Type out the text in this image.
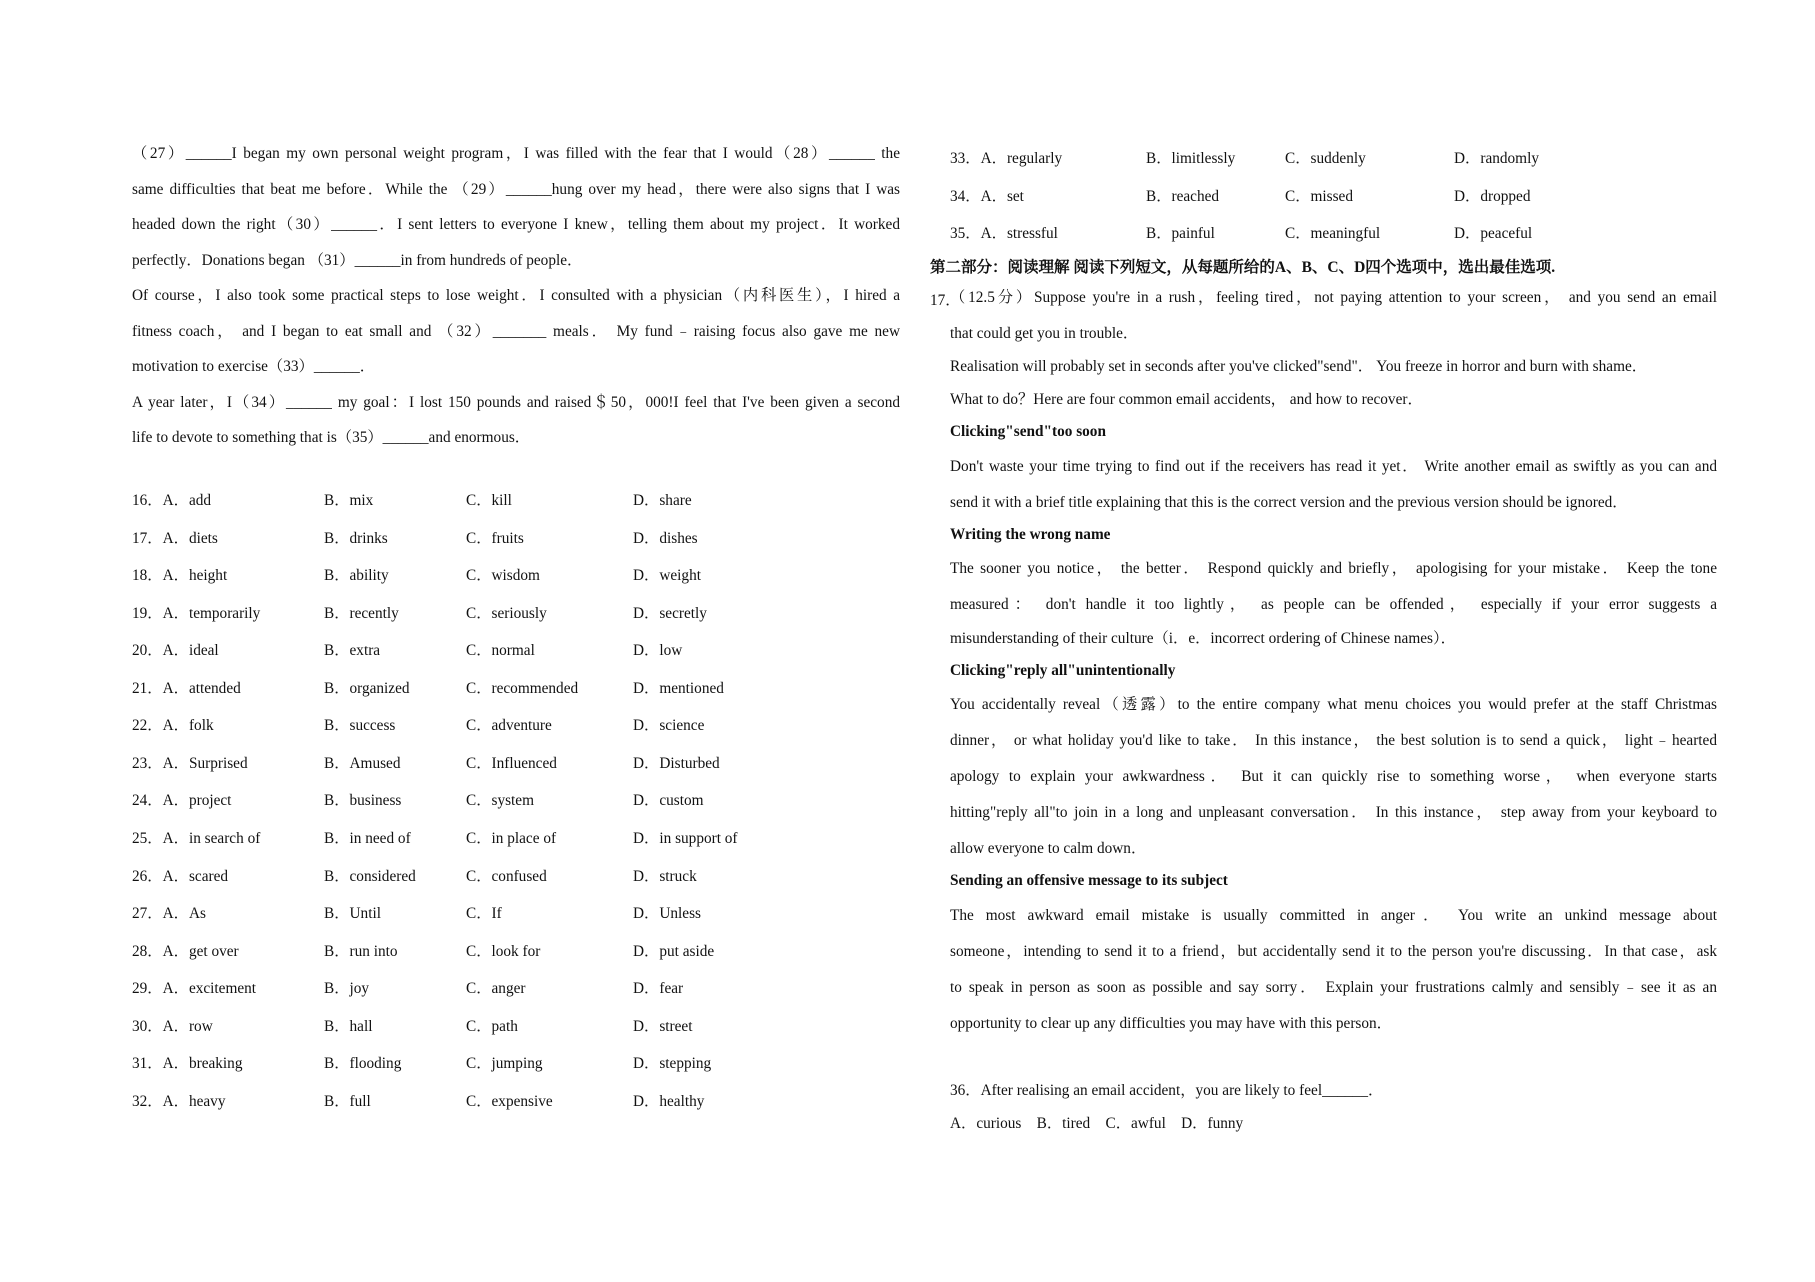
（27）______I began my own personal weight program，I was filled with the fear that I would（28）______ the
same difficulties that beat me before．While the （29）______hung over my head，there were also signs that I was
headed down the right（30）______．I sent letters to everyone I knew，telling them about my project．It worked
perfectly．Donations began （31）______in from hundreds of people．
Of course，I also took some practical steps to lose weight．I consulted with a physician（内科医生），I hired a
fitness coach， and I began to eat small and （32）_______ meals． My fund﹣raising focus also gave me new
motivation to exercise（33）______．
A year later，I（34）______ my goal：I lost 150 pounds and raised＄50，000!I feel that I've been given a second
life to devote to something that is（35）______and enormous．
16．A．add	B．mix	C．kill	D．share
17．A．diets	B．drinks	C．fruits	D．dishes
18．A．height	B．ability	C．wisdom	D．weight
19．A．temporarily	B．recently	C．seriously	D．secretly
20．A．ideal	B．extra	C．normal	D．low
21．A．attended	B．organized	C．recommended	D．mentioned
22．A．folk	B．success	C．adventure	D．science
23．A．Surprised	B．Amused	C．Influenced	D．Disturbed
24．A．project	B．business	C．system	D．custom
25．A．in search of	B．in need of	C．in place of	D．in support of
26．A．scared	B．considered	C．confused	D．struck
27．A．As	B．Until	C．If	D．Unless
28．A．get over	B．run into	C．look for	D．put aside
29．A．excitement	B．joy	C．anger	D．fear
30．A．row	B．hall	C．path	D．street
31．A．breaking	B．flooding	C．jumping	D．stepping
32．A．heavy	B．full	C．expensive	D．healthy
33．A．regularly	B．limitlessly	C．suddenly	D．randomly
34．A．set	B．reached	C．missed	D．dropped
35．A．stressful	B．painful	C．meaningful	D．peaceful
第二部分：阅读理解 阅读下列短文，从每题所给的A、B、C、D四个选项中，选出最佳选项.
17．
（12.5分）Suppose you're in a rush，feeling tired，not paying attention to your screen， and you send an email
that could get you in trouble．
Realisation will probably set in seconds after you've clicked"send"． You freeze in horror and burn with shame．
What to do？Here are four common email accidents， and how to recover．
Clicking"send"too soon
Don't waste your time trying to find out if the receivers has read it yet． Write another email as swiftly as you can and
send it with a brief title explaining that this is the correct version and the previous version should be ignored．
Writing the wrong name
The sooner you notice， the better． Respond quickly and briefly， apologising for your mistake． Keep the tone
measured： don't handle it too lightly， as people can be offended， especially if your error suggests a
misunderstanding of their culture（i．e．incorrect ordering of Chinese names）．
Clicking"reply all"unintentionally
You accidentally reveal（透露）to the entire company what menu choices you would prefer at the staff Christmas
dinner， or what holiday you'd like to take． In this instance， the best solution is to send a quick， light﹣hearted
apology to explain your awkwardness． But it can quickly rise to something worse， when everyone starts
hitting"reply all"to join in a long and unpleasant conversation． In this instance， step away from your keyboard to
allow everyone to calm down．
Sending an offensive message to its subject
The most awkward email mistake is usually committed in anger． You write an unkind message about
someone，intending to send it to a friend，but accidentally send it to the person you're discussing．In that case，ask
to speak in person as soon as possible and say sorry． Explain your frustrations calmly and sensibly﹣see it as an
opportunity to clear up any difficulties you may have with this person．
36．After realising an email accident，you are likely to feel______．
A．curious　B．tired　C．awful　D．funny
